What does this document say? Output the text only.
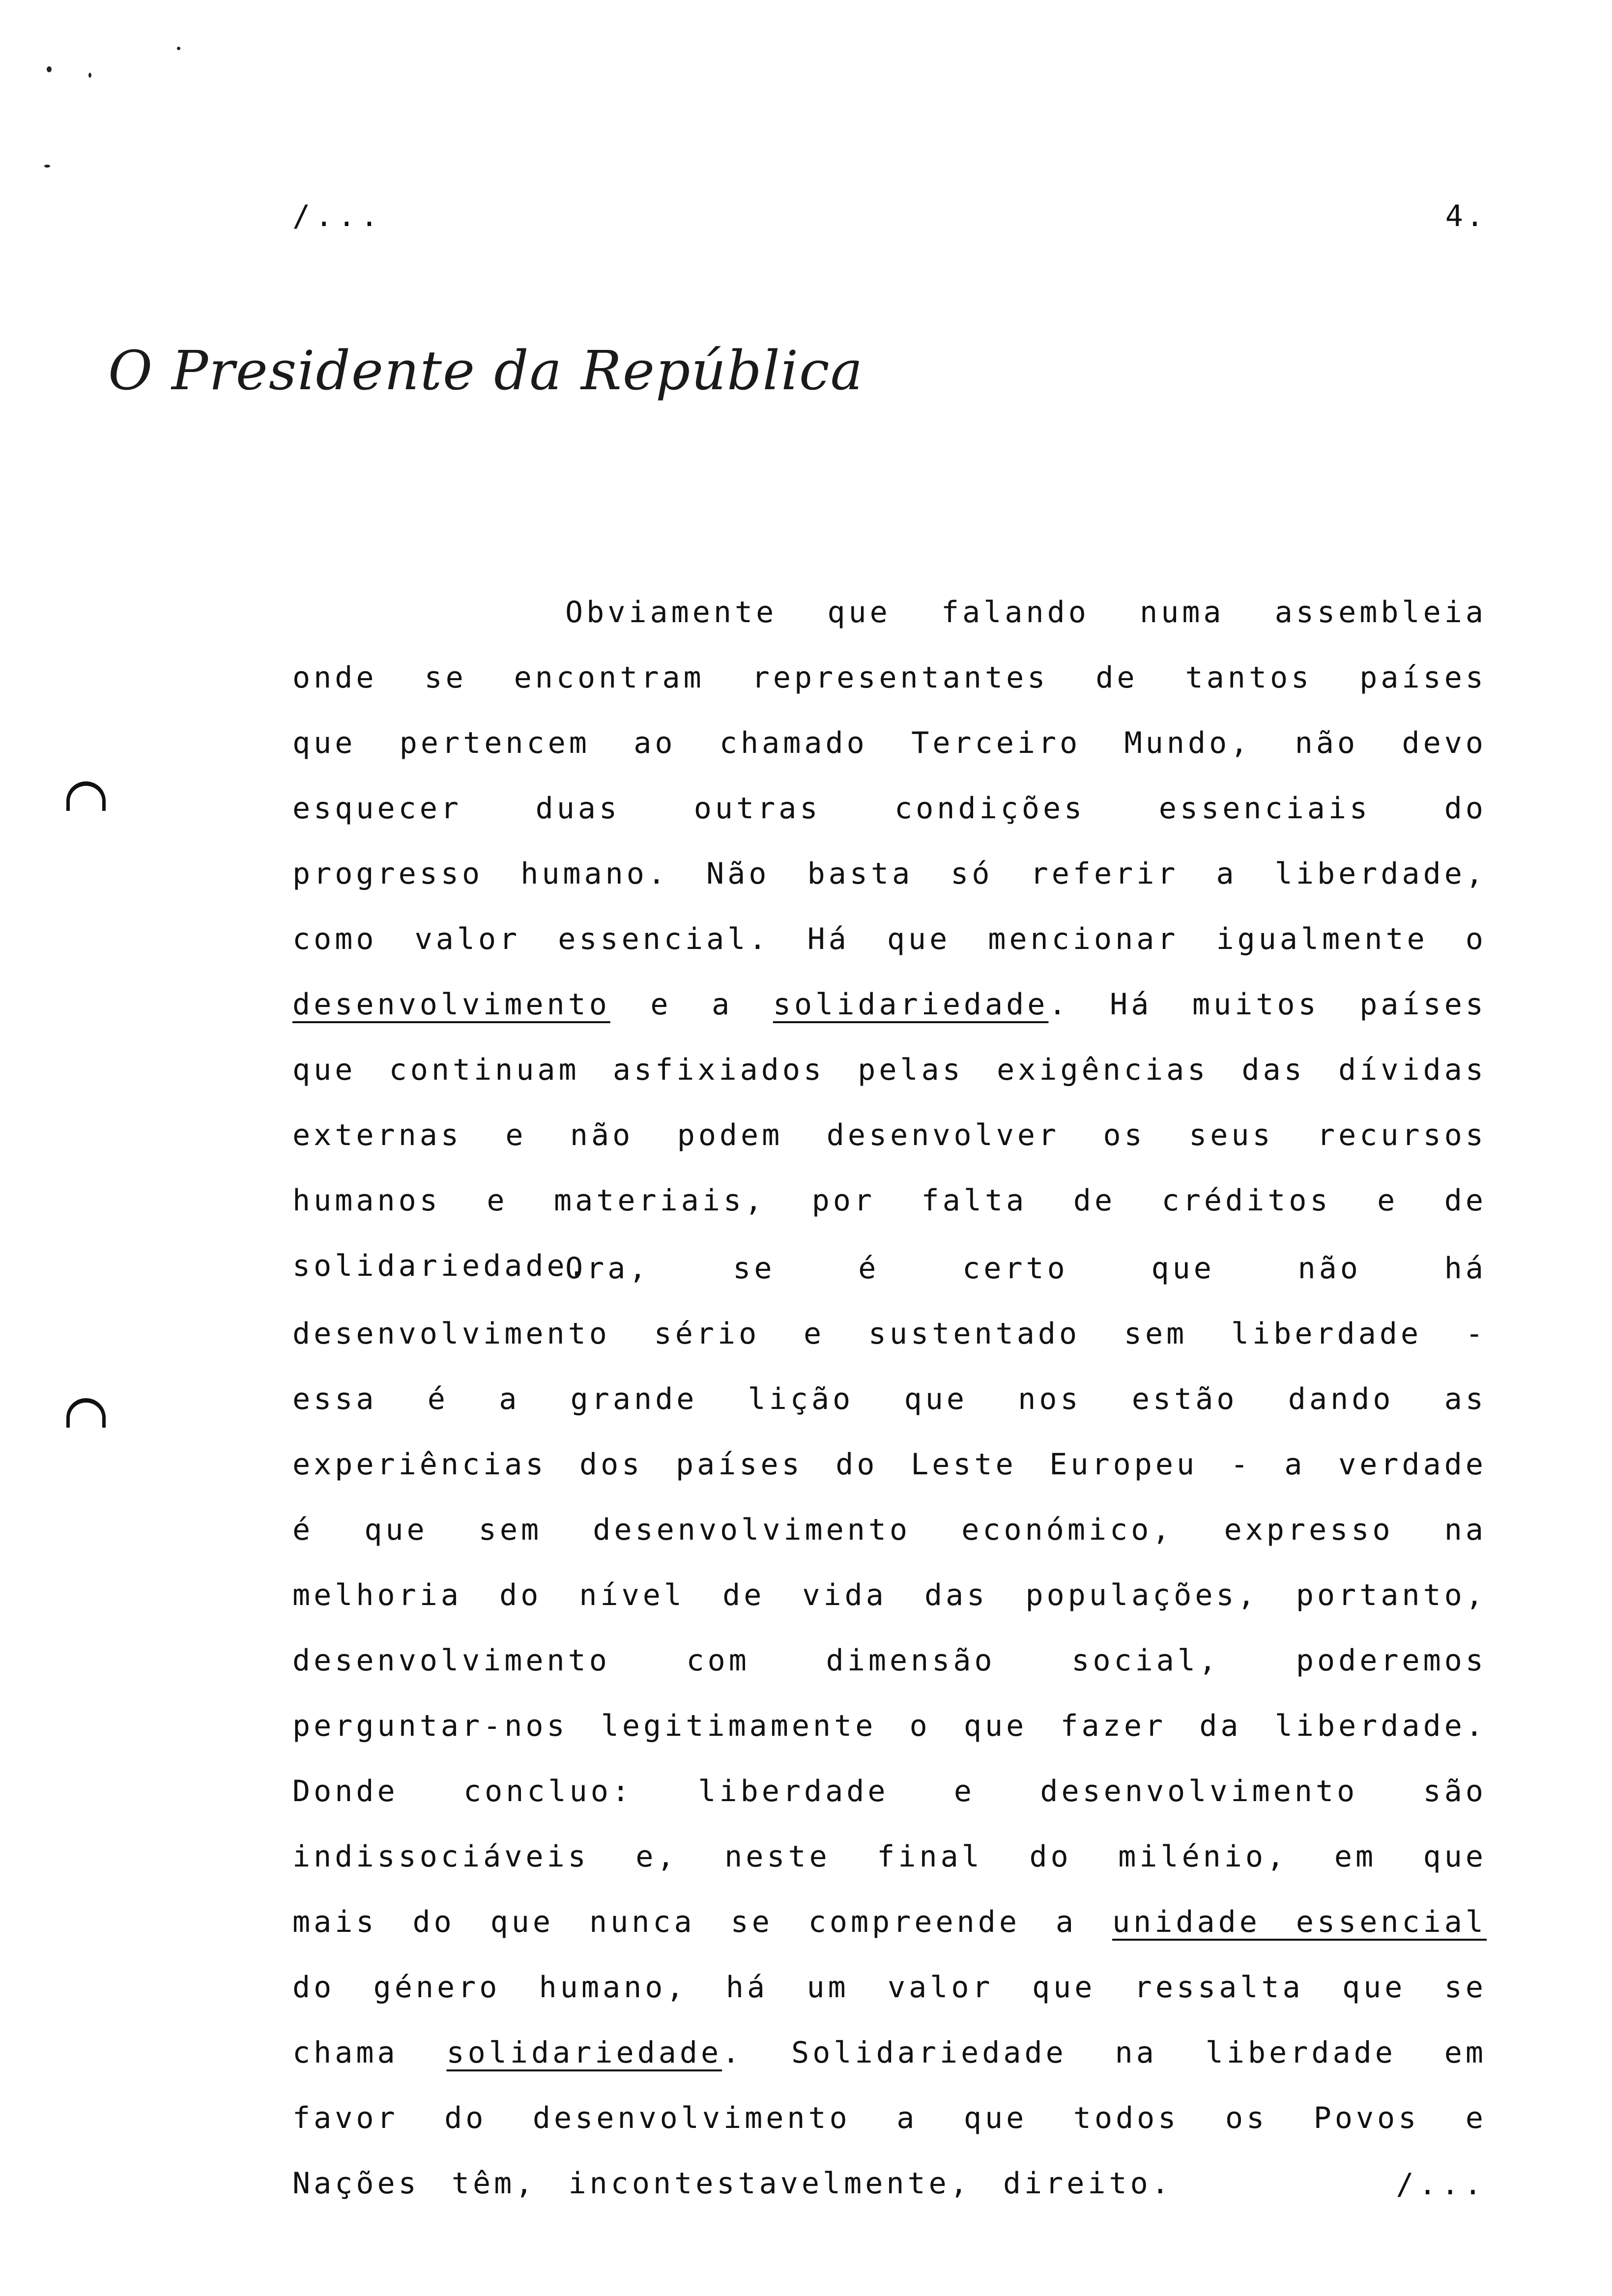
/...	4.
O Presidente da República

Obviamente que falando numa assembleia onde se encontram representantes de tantos países que pertencem ao chamado Terceiro Mundo, não devo esquecer duas outras condições essenciais do progresso humano. Não basta só referir a liberdade, como valor essencial. Há que mencionar igualmente o desenvolvimento e a solidariedade. Há muitos países que continuam asfixiados pelas exigências das dívidas externas e não podem desenvolver os seus recursos humanos e materiais, por falta de créditos e de solidariedade.

Ora, se é certo que não há desenvolvimento sério e sustentado sem liberdade - essa é a grande lição que nos estão dando as experiências dos países do Leste Europeu - a verdade é que sem desenvolvimento económico, expresso na melhoria do nível de vida das populações, portanto, desenvolvimento com dimensão social, poderemos perguntar-nos legitimamente o que fazer da liberdade. Donde concluo: liberdade e desenvolvimento são indissociáveis e, neste final do milénio, em que mais do que nunca se compreende a unidade essencial do género humano, há um valor que ressalta que se chama solidariedade. Solidariedade na liberdade em favor do desenvolvimento a que todos os Povos e Nações têm, incontestavelmente, direito.	/...
